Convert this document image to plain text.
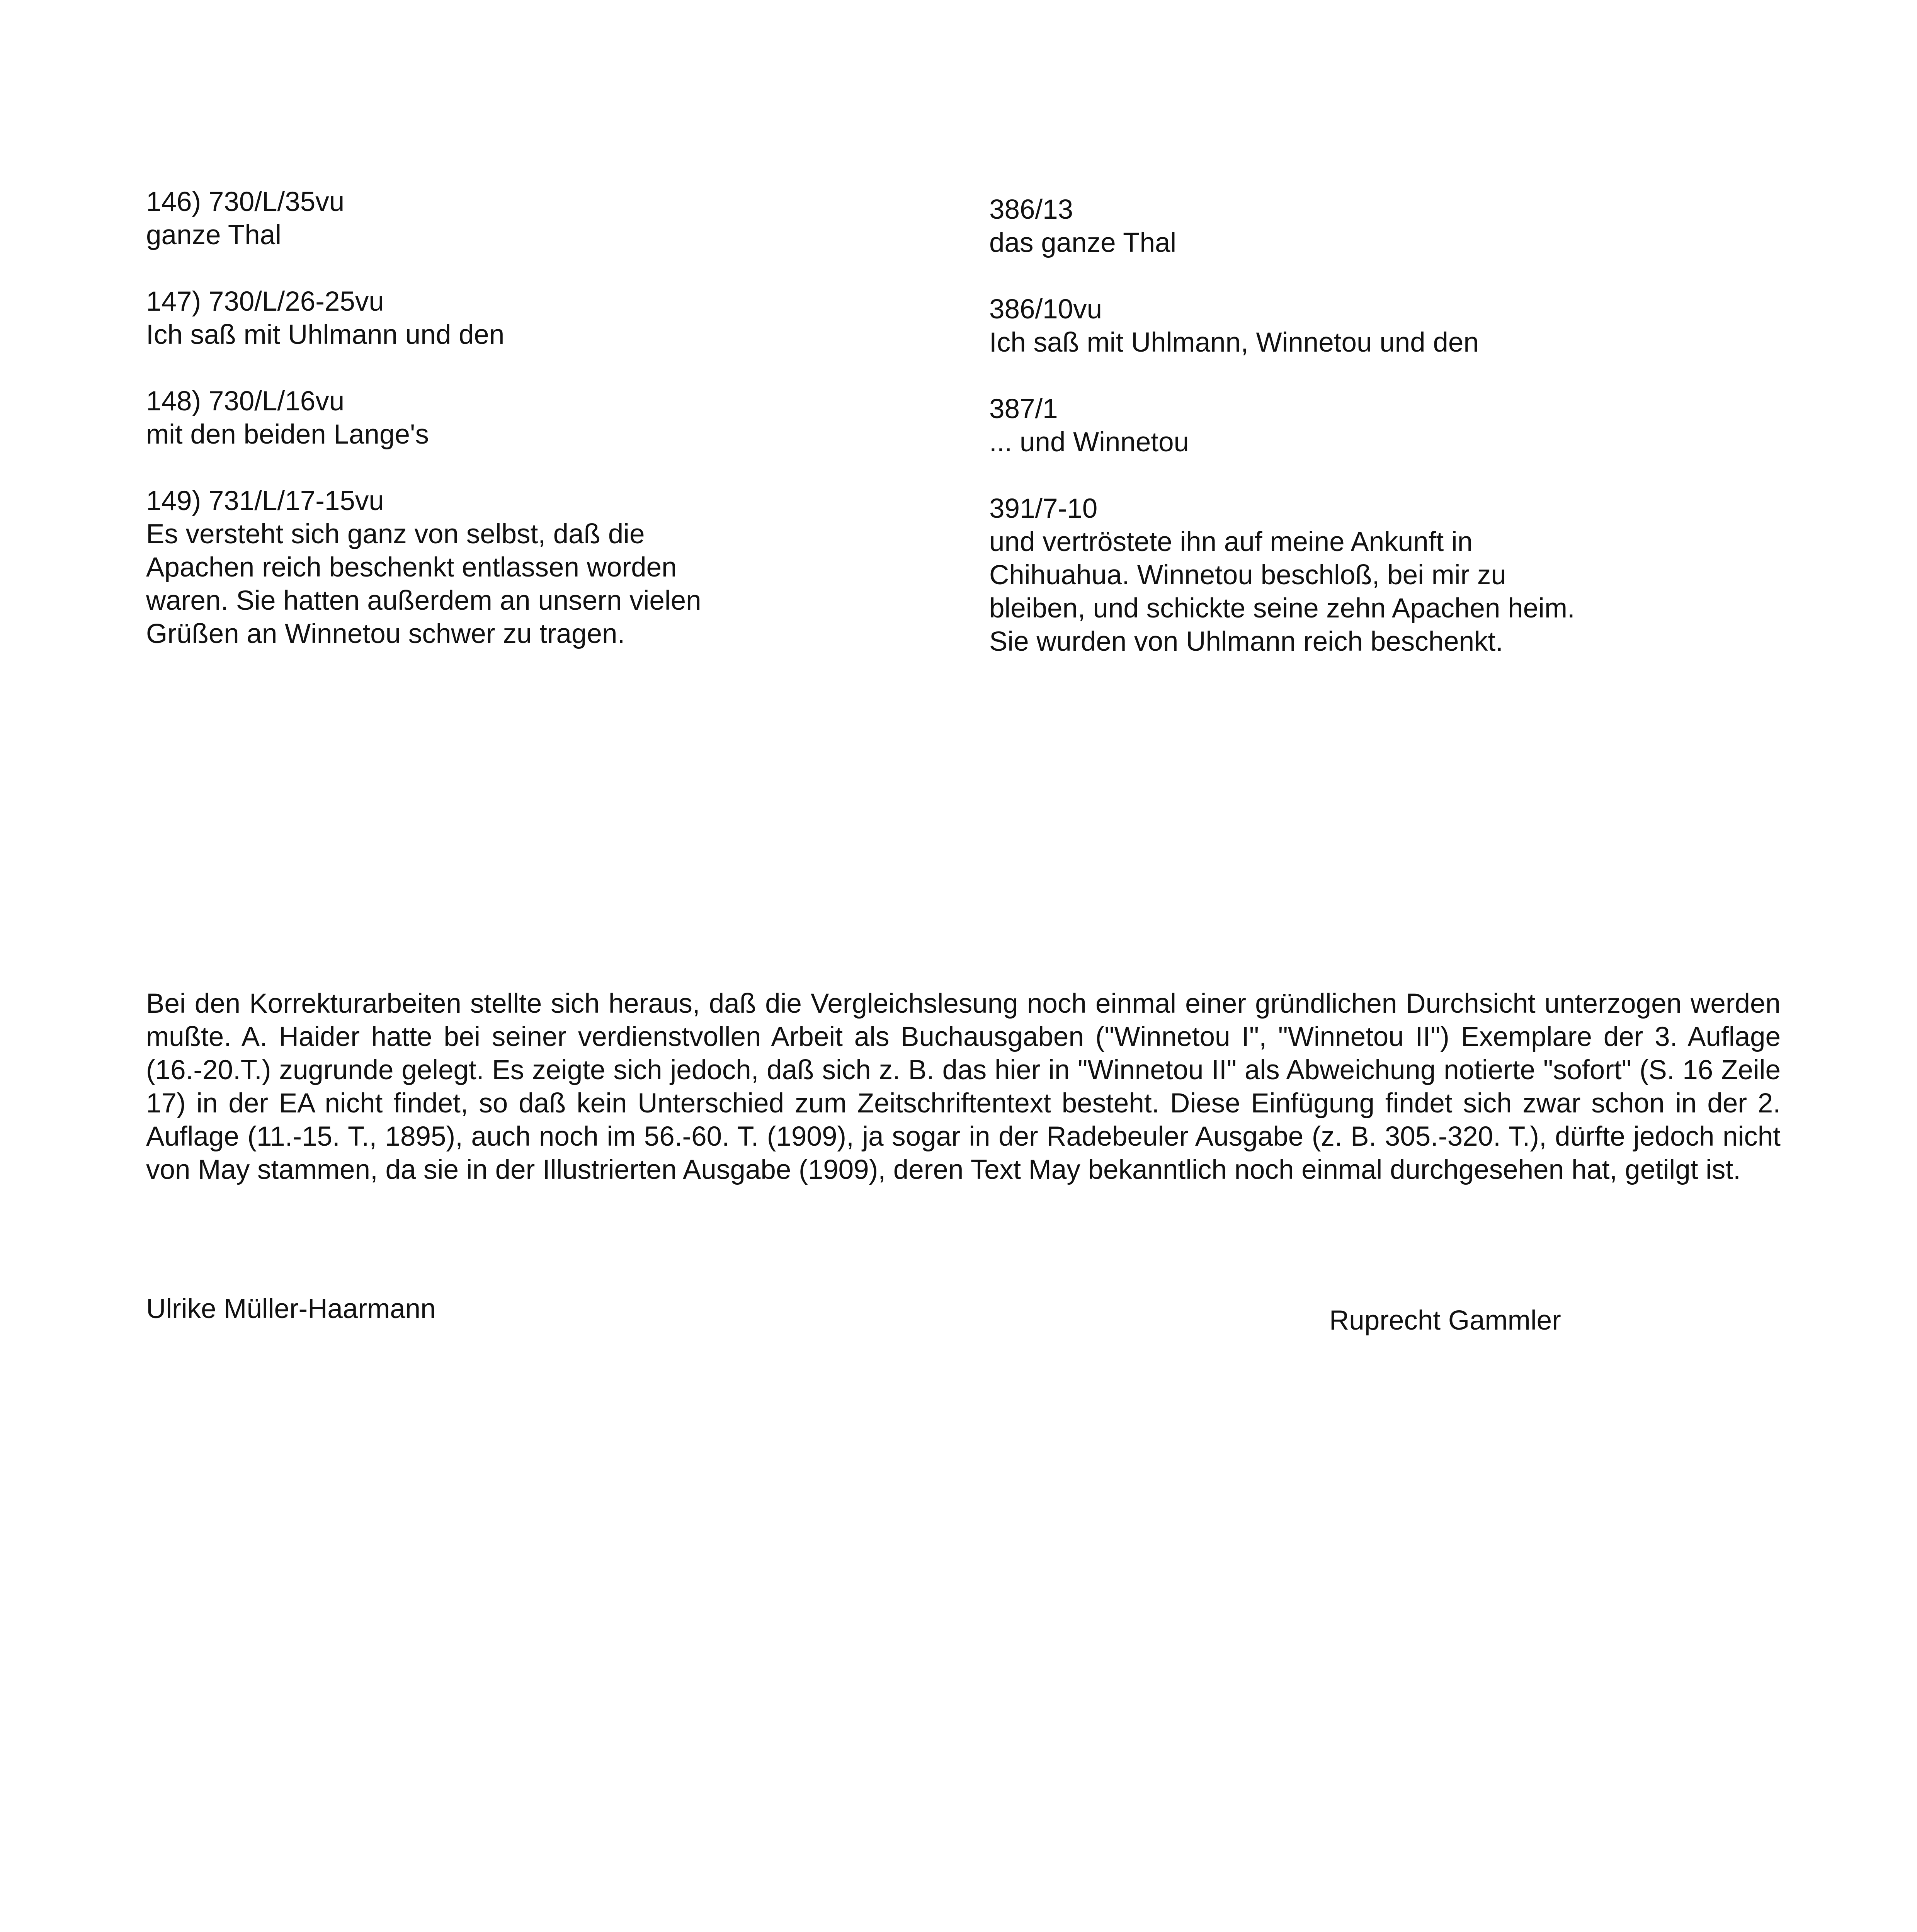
146) 730/L/35vu
ganze Thal
147) 730/L/26-25vu
Ich saß mit Uhlmann und den
148) 730/L/16vu
mit den beiden Lange's
149) 731/L/17-15vu
Es versteht sich ganz von selbst, daß die
Apachen reich beschenkt entlassen worden
waren. Sie hatten außerdem an unsern vielen
Grüßen an Winnetou schwer zu tragen.
386/13
das ganze Thal
386/10vu
Ich saß mit Uhlmann, Winnetou und den
387/1
... und Winnetou
391/7-10
und vertröstete ihn auf meine Ankunft in
Chihuahua. Winnetou beschloß, bei mir zu
bleiben, und schickte seine zehn Apachen heim.
Sie wurden von Uhlmann reich beschenkt.

Bei den Korrekturarbeiten stellte sich heraus, daß die Vergleichslesung noch einmal einer gründlichen Durchsicht unterzogen werden mußte. A. Haider hatte bei seiner verdienstvollen Arbeit als Buchausgaben ("Winnetou I", "Winnetou II") Exemplare der 3. Auflage (16.-20.T.) zugrunde gelegt. Es zeigte sich jedoch, daß sich z. B. das hier in "Winnetou II" als Abweichung notierte "sofort" (S. 16 Zeile 17) in der EA nicht findet, so daß kein Unterschied zum Zeitschriftentext besteht. Diese Einfügung findet sich zwar schon in der 2. Auflage (11.-15. T., 1895), auch noch im 56.-60. T. (1909), ja sogar in der Radebeuler Ausgabe (z. B. 305.-320. T.), dürfte jedoch nicht von May stammen, da sie in der Illustrierten Ausgabe (1909), deren Text May bekanntlich noch einmal durchgesehen hat, getilgt ist.

Ulrike Müller-Haarmann	Ruprecht Gammler
